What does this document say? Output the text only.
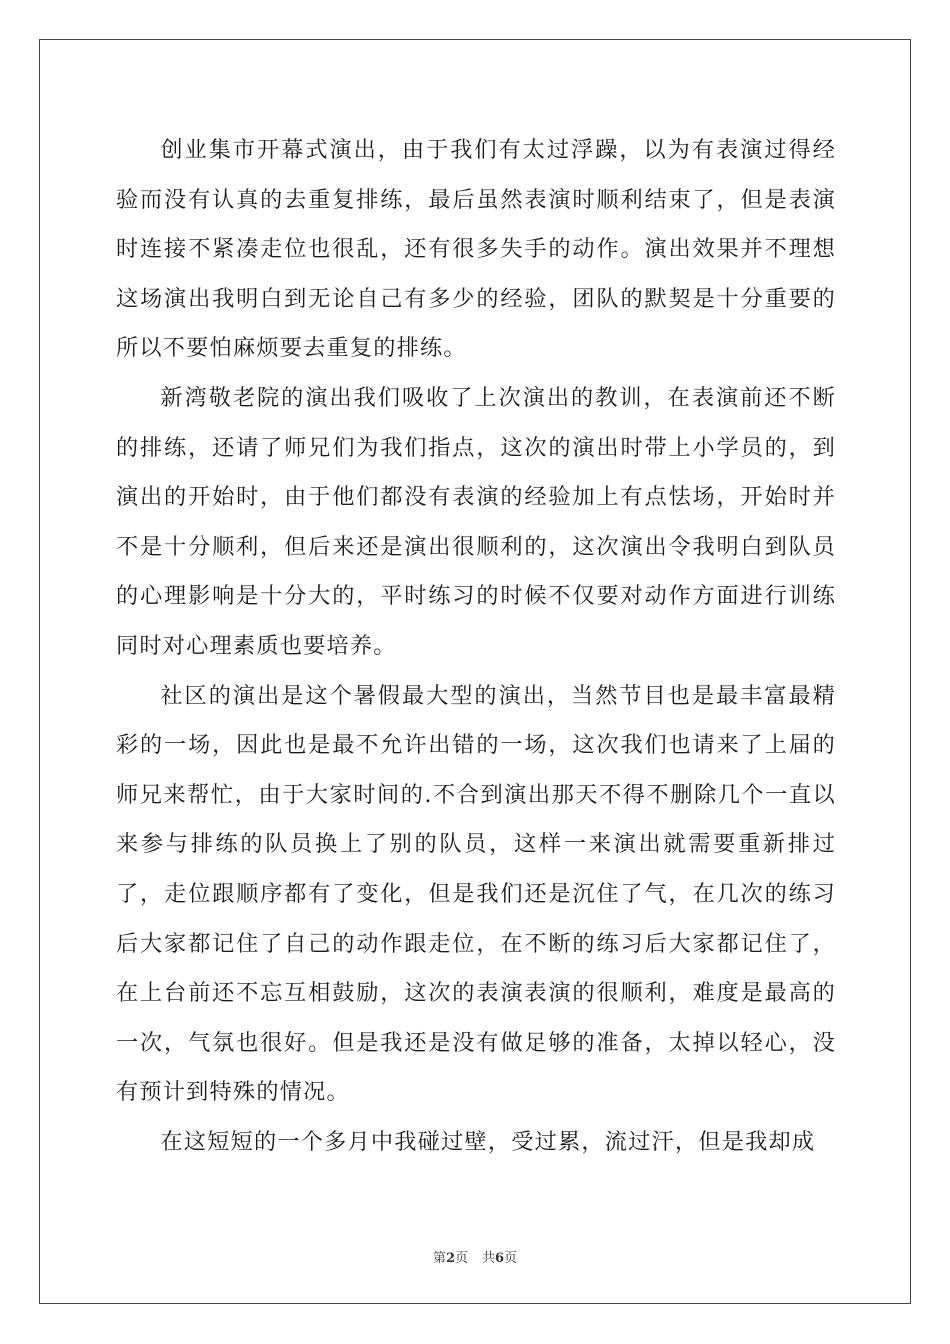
创业集市开幕式演出，由于我们有太过浮躁，以为有表演过得经验而没有认真的去重复排练，最后虽然表演时顺利结束了，但是表演时连接不紧凑走位也很乱，还有很多失手的动作。演出效果并不理想这场演出我明白到无论自己有多少的经验，团队的默契是十分重要的所以不要怕麻烦要去重复的排练。

新湾敬老院的演出我们吸收了上次演出的教训，在表演前还不断的排练，还请了师兄们为我们指点，这次的演出时带上小学员的，到演出的开始时，由于他们都没有表演的经验加上有点怯场，开始时并不是十分顺利，但后来还是演出很顺利的，这次演出令我明白到队员的心理影响是十分大的，平时练习的时候不仅要对动作方面进行训练同时对心理素质也要培养。

社区的演出是这个暑假最大型的演出，当然节目也是最丰富最精彩的一场，因此也是最不允许出错的一场，这次我们也请来了上届的师兄来帮忙，由于大家时间的.不合到演出那天不得不删除几个一直以来参与排练的队员换上了别的队员，这样一来演出就需要重新排过了，走位跟顺序都有了变化，但是我们还是沉住了气，在几次的练习后大家都记住了自己的动作跟走位，在不断的练习后大家都记住了，在上台前还不忘互相鼓励，这次的表演表演的很顺利，难度是最高的一次，气氛也很好。但是我还是没有做足够的准备，太掉以轻心，没有预计到特殊的情况。

在这短短的一个多月中我碰过壁，受过累，流过汗，但是我却成

第2页 共6页
